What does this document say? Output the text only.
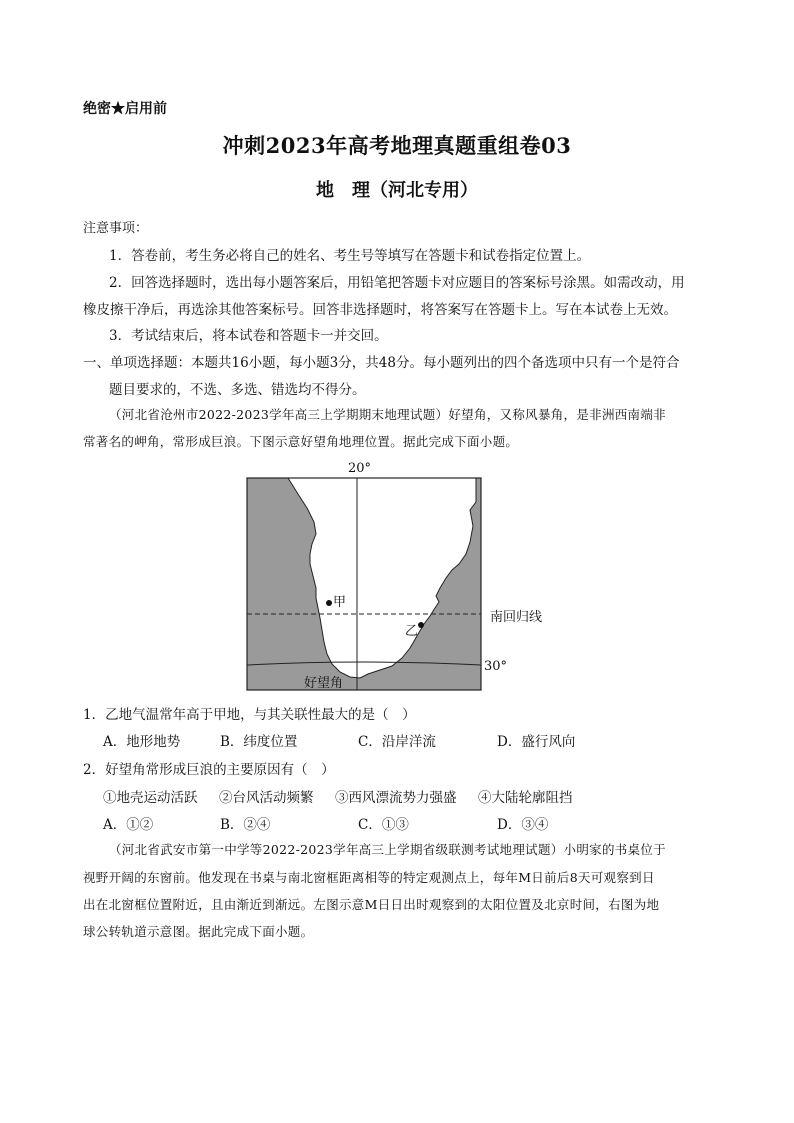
绝密★启用前
冲刺2023年高考地理真题重组卷03
地　理（河北专用）
注意事项：
1．答卷前，考生务必将自己的姓名、考生号等填写在答题卡和试卷指定位置上。
2．回答选择题时，选出每小题答案后，用铅笔把答题卡对应题目的答案标号涂黑。如需改动，用
橡皮擦干净后，再选涂其他答案标号。回答非选择题时，将答案写在答题卡上。写在本试卷上无效。
3．考试结束后，将本试卷和答题卡一并交回。
一、单项选择题：本题共16小题，每小题3分，共48分。每小题列出的四个备选项中只有一个是符合
题目要求的，不选、多选、错选均不得分。
（河北省沧州市2022-2023学年高三上学期期末地理试题）好望角，又称风暴角，是非洲西南端非
常著名的岬角，常形成巨浪。下图示意好望角地理位置。据此完成下面小题。
20°
甲
乙
南回归线
30°
好望角
1．乙地气温常年高于甲地，与其关联性最大的是（　）
A．地形地势	B．纬度位置	C．沿岸洋流	D．盛行风向
2．好望角常形成巨浪的主要原因有（　）
①地壳运动活跃 ②台风活动频繁 ③西风漂流势力强盛 ④大陆轮廓阻挡
A．①②	B．②④	C．①③	D．③④
（河北省武安市第一中学等2022-2023学年高三上学期省级联测考试地理试题）小明家的书桌位于
视野开阔的东窗前。他发现在书桌与南北窗框距离相等的特定观测点上，每年M日前后8天可观察到日
出在北窗框位置附近，且由渐近到渐远。左图示意M日日出时观察到的太阳位置及北京时间，右图为地
球公转轨道示意图。据此完成下面小题。
